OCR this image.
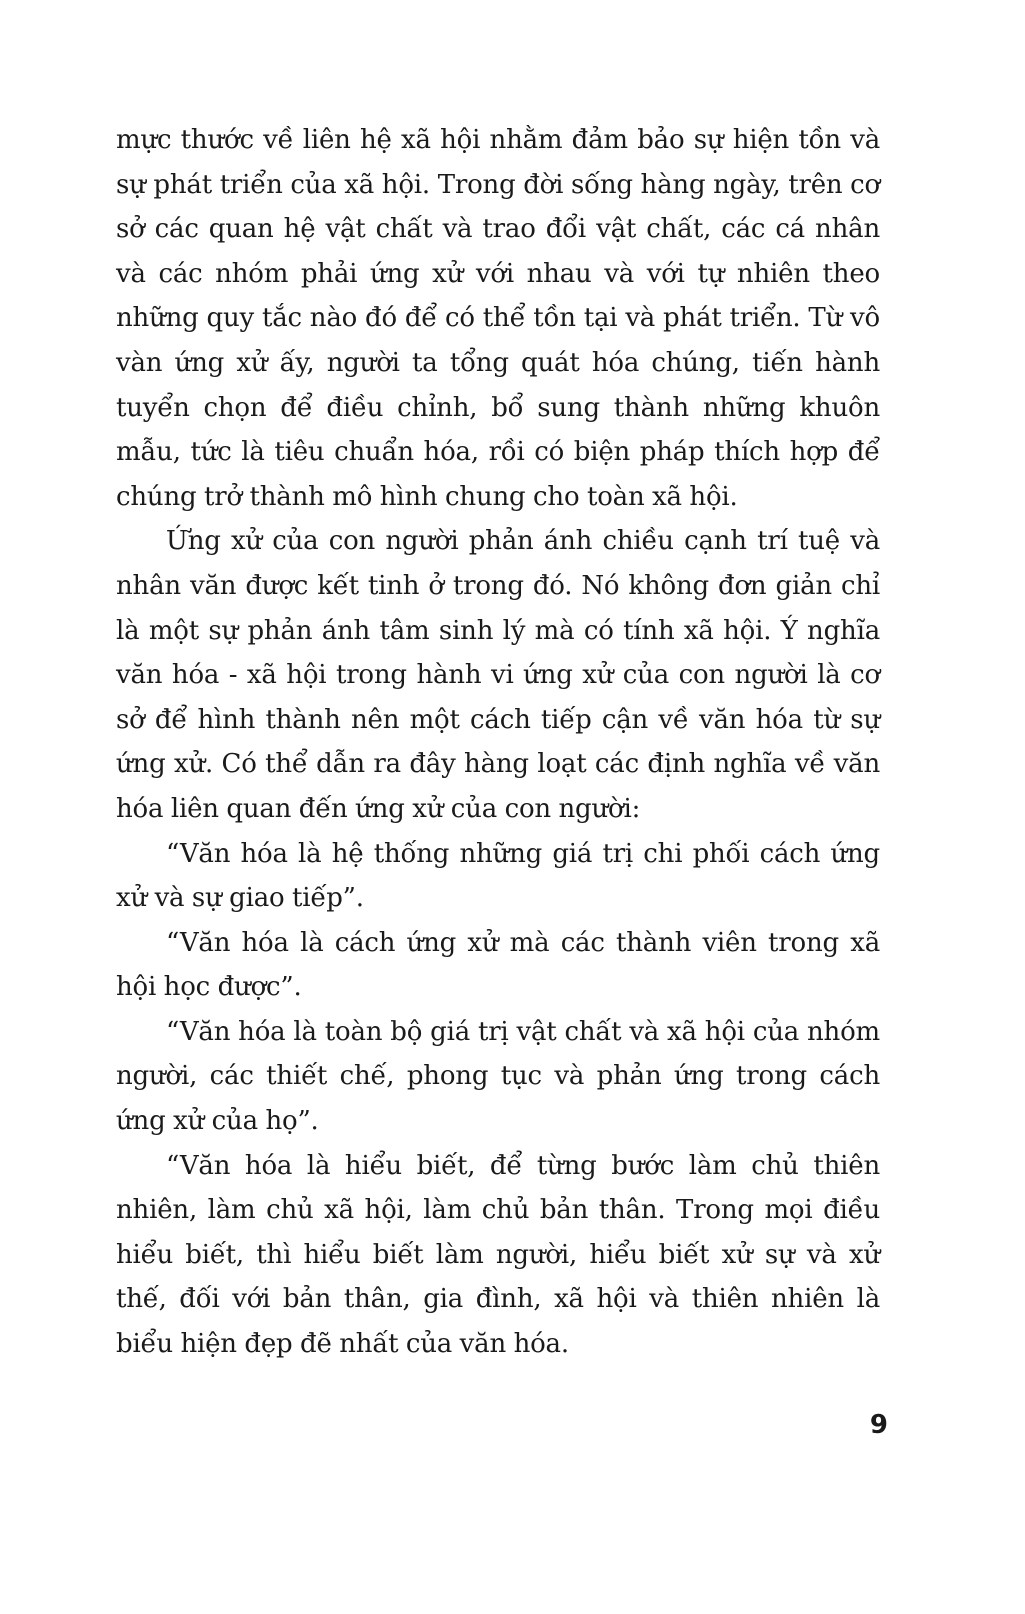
mực thước về liên hệ xã hội nhằm đảm bảo sự hiện tồn và sự phát triển của xã hội. Trong đời sống hàng ngày, trên cơ sở các quan hệ vật chất và trao đổi vật chất, các cá nhân và các nhóm phải ứng xử với nhau và với tự nhiên theo những quy tắc nào đó để có thể tồn tại và phát triển. Từ vô vàn ứng xử ấy, người ta tổng quát hóa chúng, tiến hành tuyển chọn để điều chỉnh, bổ sung thành những khuôn mẫu, tức là tiêu chuẩn hóa, rồi có biện pháp thích hợp để chúng trở thành mô hình chung cho toàn xã hội.

Ứng xử của con người phản ánh chiều cạnh trí tuệ và nhân văn được kết tinh ở trong đó. Nó không đơn giản chỉ là một sự phản ánh tâm sinh lý mà có tính xã hội. Ý nghĩa văn hóa - xã hội trong hành vi ứng xử của con người là cơ sở để hình thành nên một cách tiếp cận về văn hóa từ sự ứng xử. Có thể dẫn ra đây hàng loạt các định nghĩa về văn hóa liên quan đến ứng xử của con người:

“Văn hóa là hệ thống những giá trị chi phối cách ứng xử và sự giao tiếp”.

“Văn hóa là cách ứng xử mà các thành viên trong xã hội học được”.

“Văn hóa là toàn bộ giá trị vật chất và xã hội của nhóm người, các thiết chế, phong tục và phản ứng trong cách ứng xử của họ”.

“Văn hóa là hiểu biết, để từng bước làm chủ thiên nhiên, làm chủ xã hội, làm chủ bản thân. Trong mọi điều hiểu biết, thì hiểu biết làm người, hiểu biết xử sự và xử thế, đối với bản thân, gia đình, xã hội và thiên nhiên là biểu hiện đẹp đẽ nhất của văn hóa.

9
